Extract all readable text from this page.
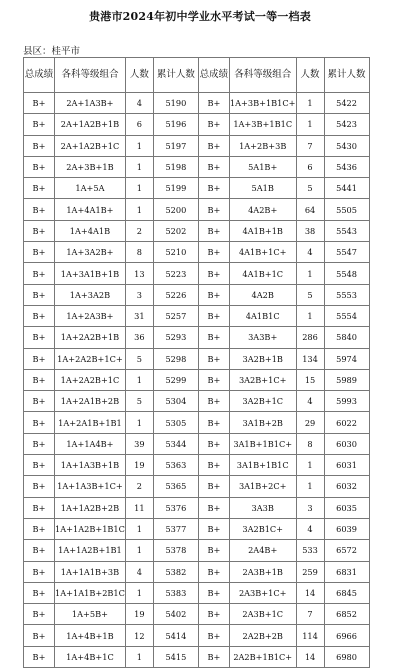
贵港市2024年初中学业水平考试一等一档表
县区：桂平市
总成绩	各科等级组合	人数	累计人数	总成绩	各科等级组合	人数	累计人数
B+	2A+1A3B+	4	5190	B+	1A+3B+1B1C+	1	5422
B+	2A+1A2B+1B	6	5196	B+	1A+3B+1B1C	1	5423
B+	2A+1A2B+1C	1	5197	B+	1A+2B+3B	7	5430
B+	2A+3B+1B	1	5198	B+	5A1B+	6	5436
B+	1A+5A	1	5199	B+	5A1B	5	5441
B+	1A+4A1B+	1	5200	B+	4A2B+	64	5505
B+	1A+4A1B	2	5202	B+	4A1B+1B	38	5543
B+	1A+3A2B+	8	5210	B+	4A1B+1C+	4	5547
B+	1A+3A1B+1B	13	5223	B+	4A1B+1C	1	5548
B+	1A+3A2B	3	5226	B+	4A2B	5	5553
B+	1A+2A3B+	31	5257	B+	4A1B1C	1	5554
B+	1A+2A2B+1B	36	5293	B+	3A3B+	286	5840
B+	1A+2A2B+1C+	5	5298	B+	3A2B+1B	134	5974
B+	1A+2A2B+1C	1	5299	B+	3A2B+1C+	15	5989
B+	1A+2A1B+2B	5	5304	B+	3A2B+1C	4	5993
B+	1A+2A1B+1B1	1	5305	B+	3A1B+2B	29	6022
B+	1A+1A4B+	39	5344	B+	3A1B+1B1C+	8	6030
B+	1A+1A3B+1B	19	5363	B+	3A1B+1B1C	1	6031
B+	1A+1A3B+1C+	2	5365	B+	3A1B+2C+	1	6032
B+	1A+1A2B+2B	11	5376	B+	3A3B	3	6035
B+	1A+1A2B+1B1C	1	5377	B+	3A2B1C+	4	6039
B+	1A+1A2B+1B1	1	5378	B+	2A4B+	533	6572
B+	1A+1A1B+3B	4	5382	B+	2A3B+1B	259	6831
B+	1A+1A1B+2B1C	1	5383	B+	2A3B+1C+	14	6845
B+	1A+5B+	19	5402	B+	2A3B+1C	7	6852
B+	1A+4B+1B	12	5414	B+	2A2B+2B	114	6966
B+	1A+4B+1C	1	5415	B+	2A2B+1B1C+	14	6980
